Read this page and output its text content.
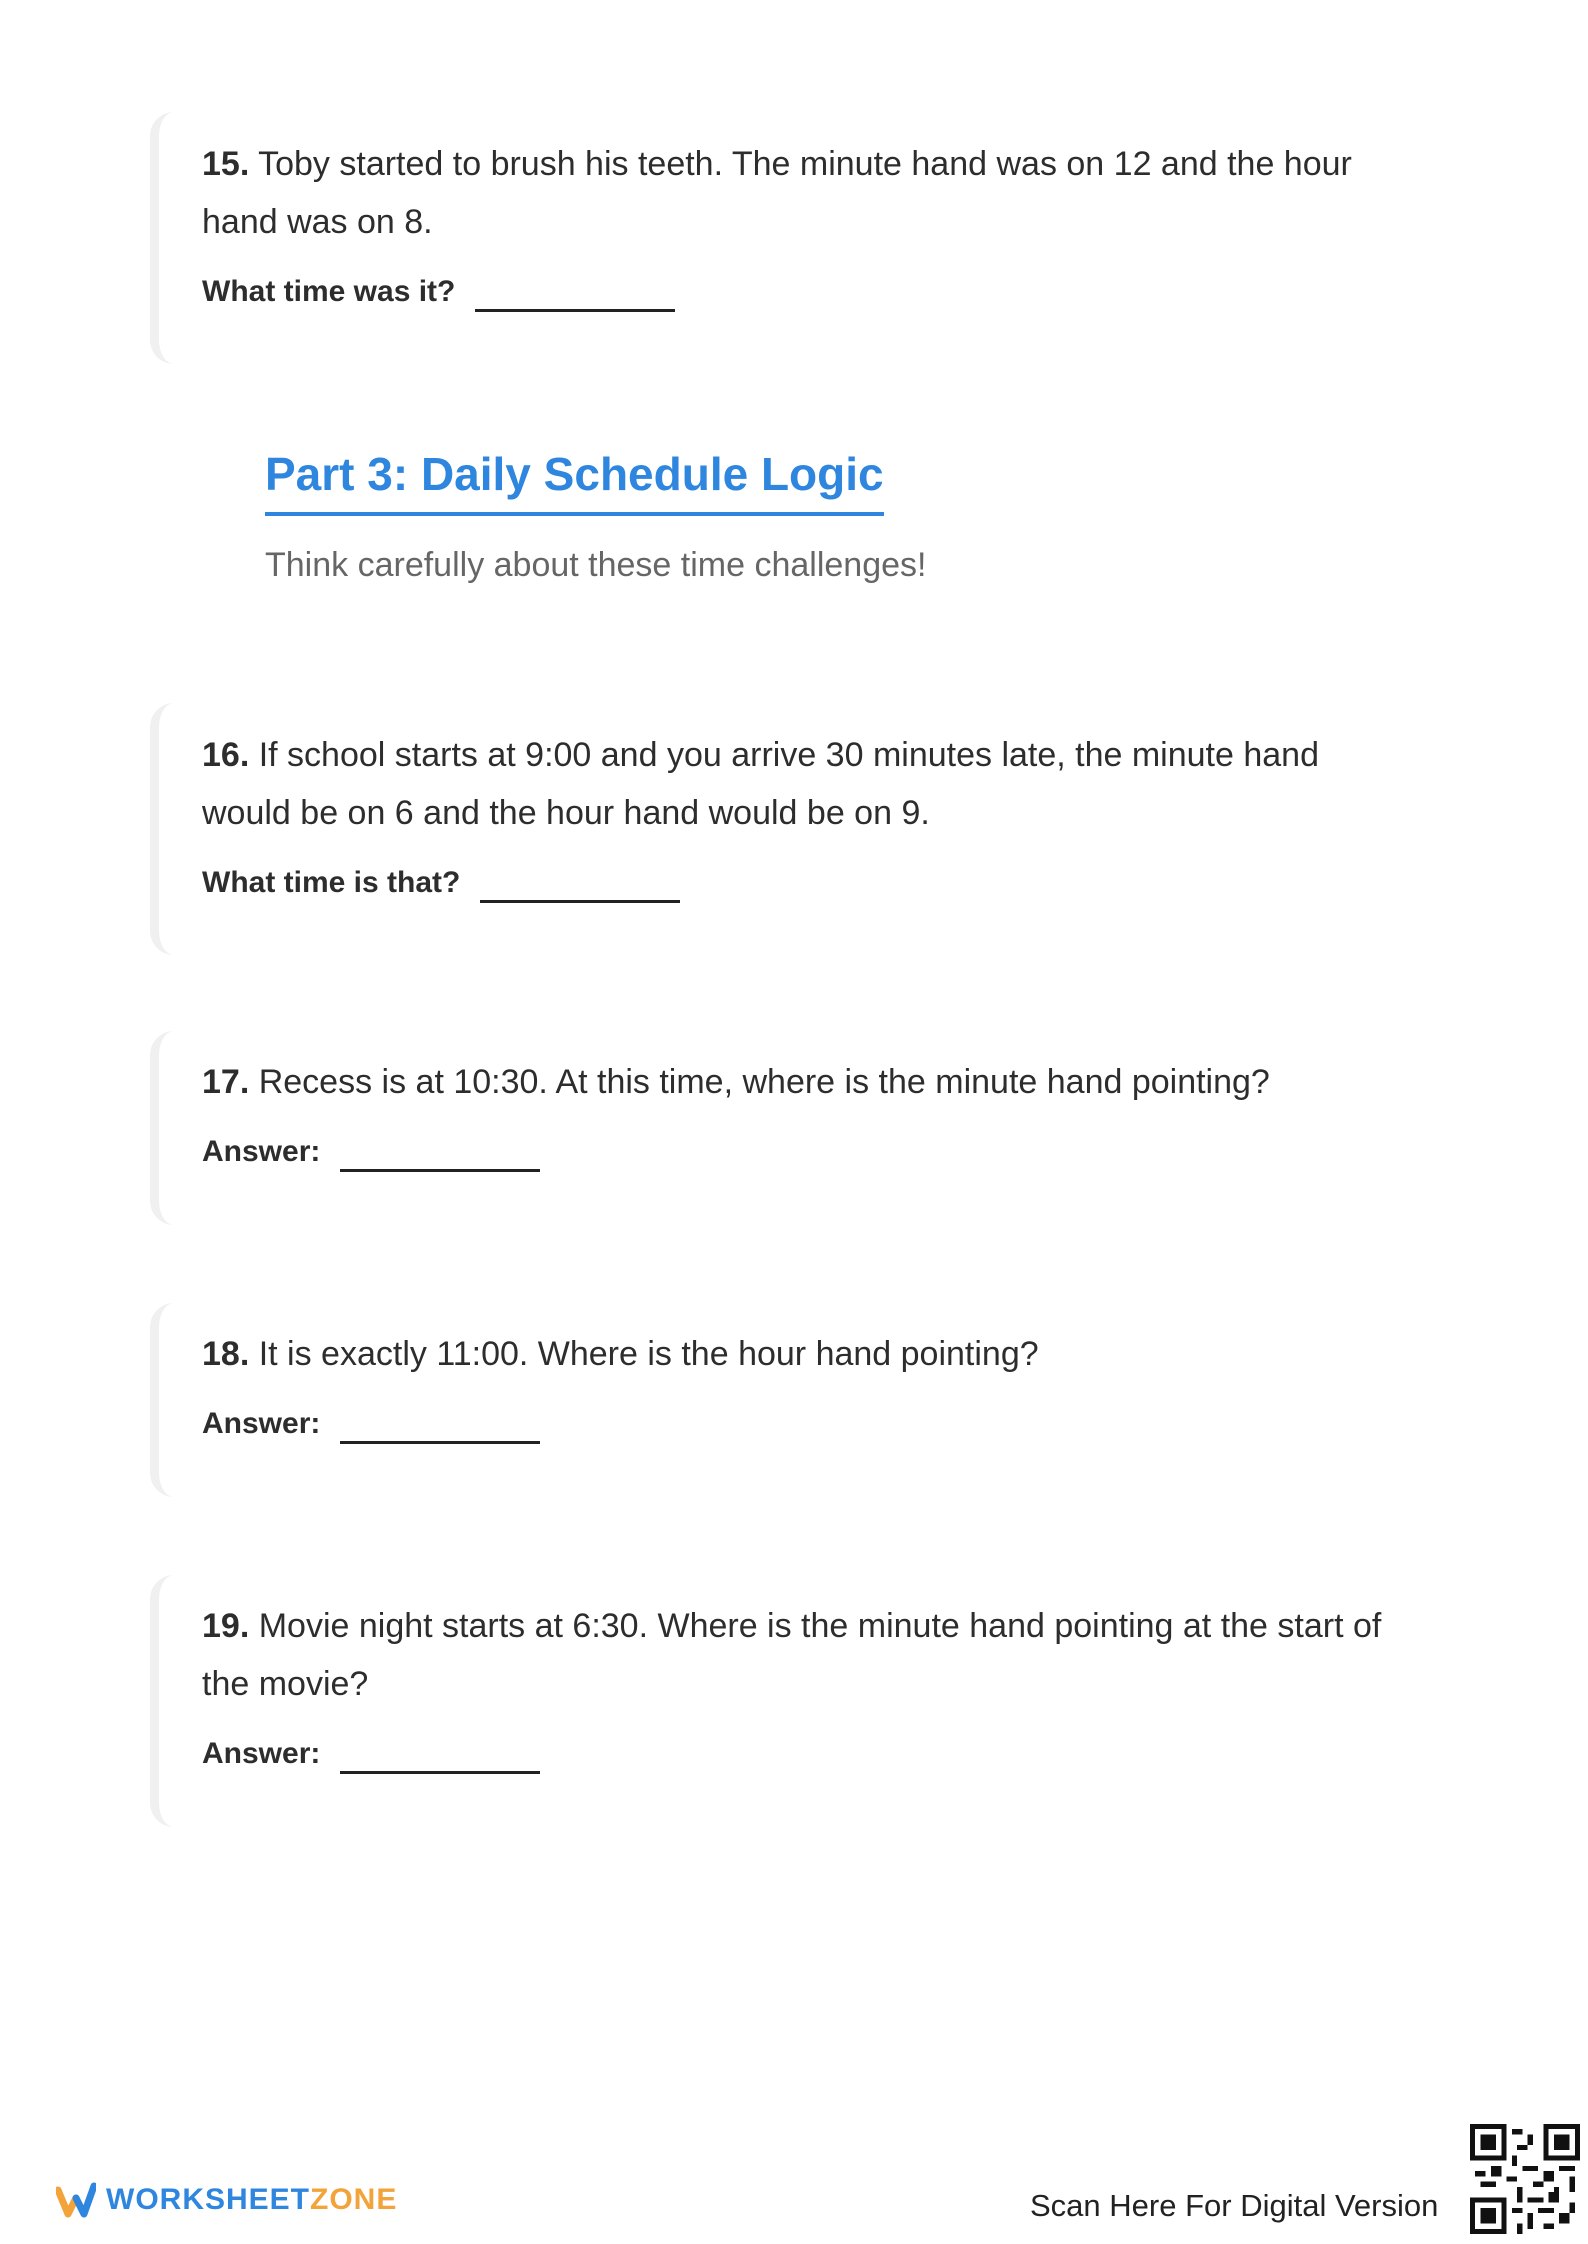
15. Toby started to brush his teeth. The minute hand was on 12 and the hour hand was on 8.
What time was it?
Part 3: Daily Schedule Logic
Think carefully about these time challenges!
16. If school starts at 9:00 and you arrive 30 minutes late, the minute hand would be on 6 and the hour hand would be on 9.
What time is that?
17. Recess is at 10:30. At this time, where is the minute hand pointing?
Answer:
18. It is exactly 11:00. Where is the hour hand pointing?
Answer:
19. Movie night starts at 6:30. Where is the minute hand pointing at the start of the movie?
Answer:
WORKSHEETZONE	Scan Here For Digital Version
